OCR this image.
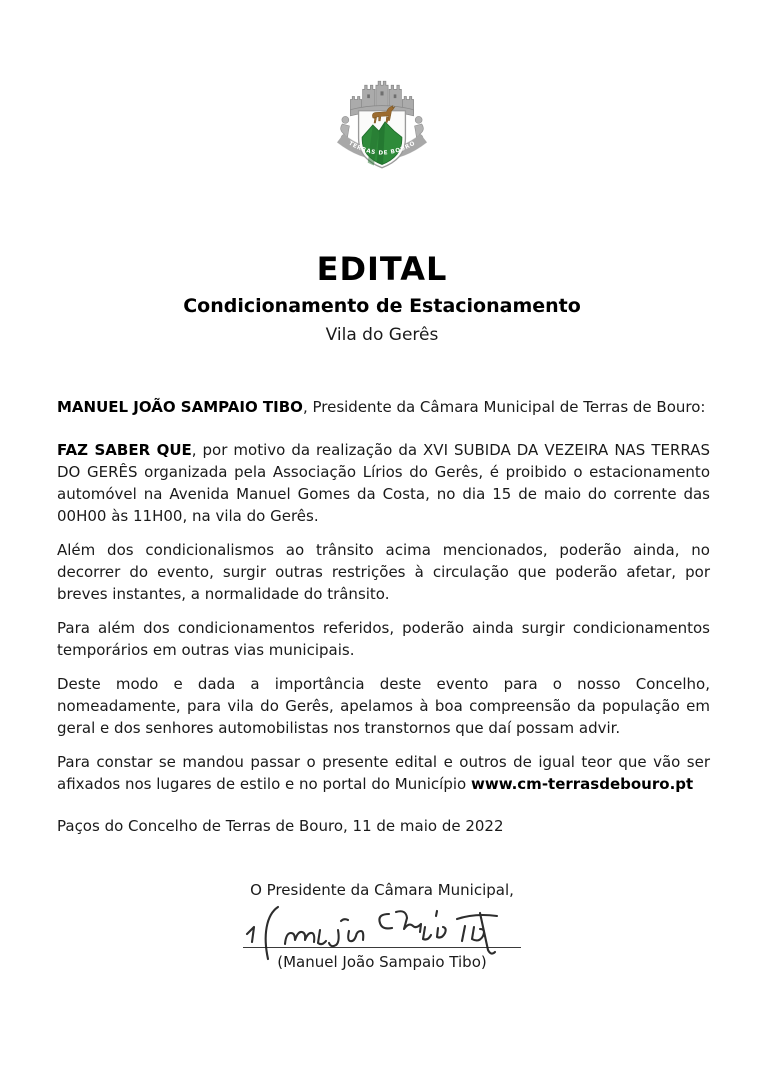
TERRAS DE BOURO
EDITAL
Condicionamento de Estacionamento
Vila do Gerês

MANUEL JOÃO SAMPAIO TIBO, Presidente da Câmara Municipal de Terras de Bouro:

FAZ SABER QUE, por motivo da realização da XVI SUBIDA DA VEZEIRA NAS TERRAS DO GERÊS organizada pela Associação Lírios do Gerês, é proibido o estacionamento automóvel na Avenida Manuel Gomes da Costa, no dia 15 de maio do corrente das 00H00 às 11H00, na vila do Gerês.

Além dos condicionalismos ao trânsito acima mencionados, poderão ainda, no decorrer do evento, surgir outras restrições à circulação que poderão afetar, por breves instantes, a normalidade do trânsito.

Para além dos condicionamentos referidos, poderão ainda surgir condicionamentos temporários em outras vias municipais.

Deste modo e dada a importância deste evento para o nosso Concelho, nomeadamente, para vila do Gerês, apelamos à boa compreensão da população em geral e dos senhores automobilistas nos transtornos que daí possam advir.

Para constar se mandou passar o presente edital e outros de igual teor que vão ser afixados nos lugares de estilo e no portal do Município www.cm-terrasdebouro.pt

Paços do Concelho de Terras de Bouro, 11 de maio de 2022

O Presidente da Câmara Municipal,
(Manuel João Sampaio Tibo)
